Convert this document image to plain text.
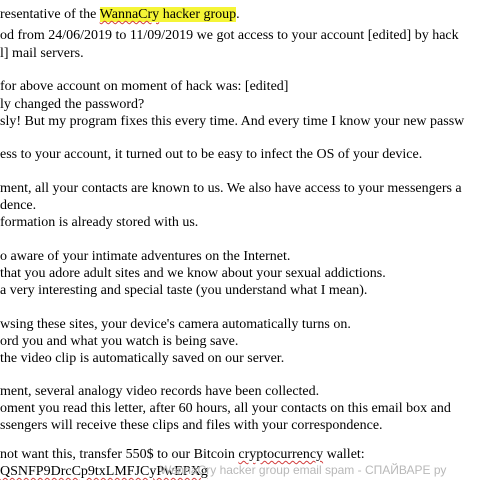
resentative of the WannaCry hacker group.
od from 24/06/2019 to 11/09/2019 we got access to your account [edited] by hack
l] mail servers.
for above account on moment of hack was: [edited]
ly changed the password?
sly! But my program fixes this every time. And every time I know your new passw
ess to your account, it turned out to be easy to infect the OS of your device.
ment, all your contacts are known to us. We also have access to your messengers a
dence.
formation is already stored with us.
o aware of your intimate adventures on the Internet.
that you adore adult sites and we know about your sexual addictions.
a very interesting and special taste (you understand what I mean).
wsing these sites, your device's camera automatically turns on.
ord you and what you watch is being save.
the video clip is automatically saved on our server.
ment, several analogy video records have been collected.
oment you read this letter, after 60 hours, all your contacts on this email box and
ssengers will receive these clips and files with your correspondence.
not want this, transfer 550$ to our Bitcoin cryptocurrency wallet:
QSNFP9DrcCp9txLMFJCyPwEPXg
WannaCry hacker group email spam - СПАЙВАРЕ ру
